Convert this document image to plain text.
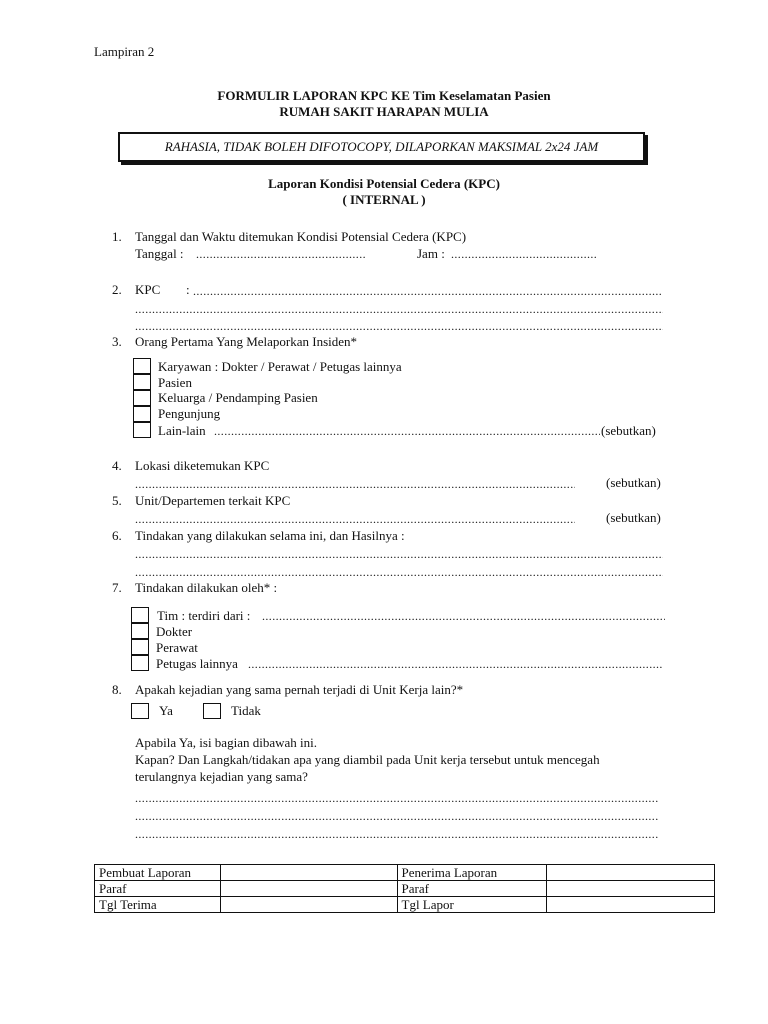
Lampiran 2
FORMULIR LAPORAN KPC KE Tim Keselamatan Pasien
RUMAH SAKIT HARAPAN MULIA
RAHASIA, TIDAK BOLEH DIFOTOCOPY, DILAPORKAN MAKSIMAL 2x24 JAM
Laporan Kondisi Potensial Cedera (KPC)
( INTERNAL )
1. Tanggal dan Waktu ditemukan Kondisi Potensial Cedera (KPC)
Tanggal : .....	Jam :
.....
2. KPC :
.....
.....
.....
3. Orang Pertama Yang Melaporkan Insiden*
Karyawan : Dokter / Perawat / Petugas lainnya
Pasien
Keluarga / Pendamping Pasien
Pengunjung
Lain-lain .....	(sebutkan)
4. Lokasi diketemukan KPC
.....
(sebutkan)
5. Unit/Departemen terkait KPC
.....
(sebutkan)
6. Tindakan yang dilakukan selama ini, dan Hasilnya :
.....
.....
7. Tindakan dilakukan oleh* :
Tim : terdiri dari :
.....
Dokter
Perawat
Petugas lainnya
.....
8. Apakah kejadian yang sama pernah terjadi di Unit Kerja lain?*
Ya	Tidak
Apabila Ya, isi bagian dibawah ini.
Kapan? Dan Langkah/tidakan apa yang diambil pada Unit kerja tersebut untuk mencegah
terulangnya kejadian yang sama?
.....
.....
.....
Pembuat Laporan		Penerima Laporan	
Paraf		Paraf	
Tgl Terima		Tgl Lapor	
